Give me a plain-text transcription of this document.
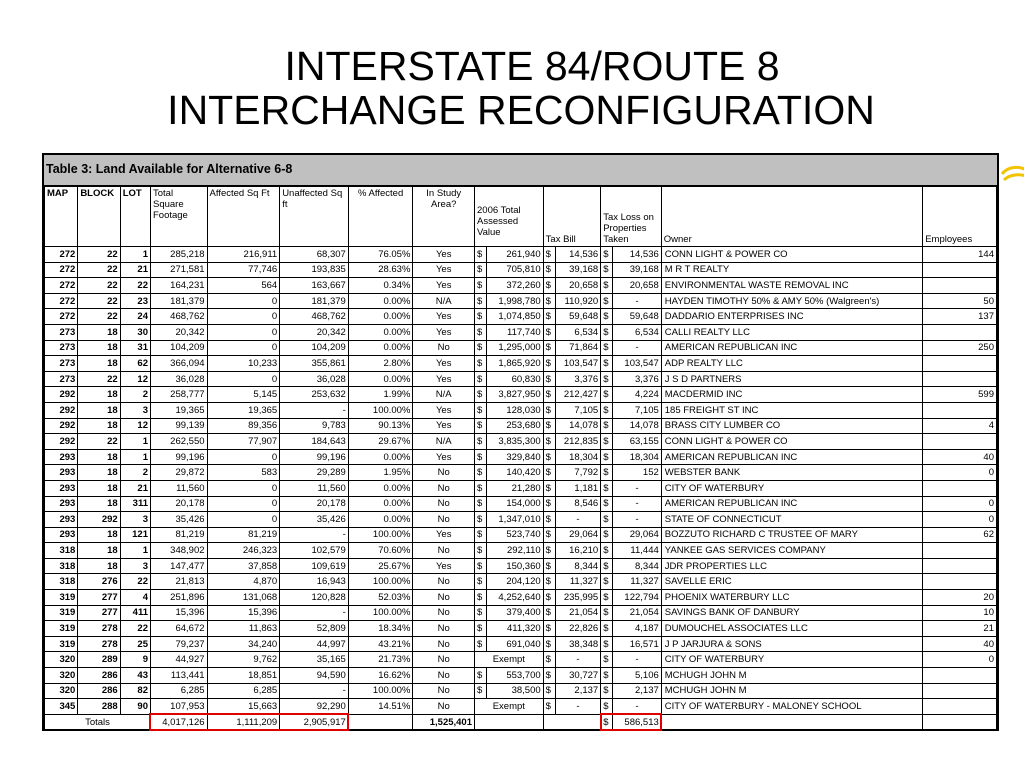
INTERSTATE 84/ROUTE 8
INTERCHANGE RECONFIGURATION
Table 3: Land Available for Alternative 6-8
MAP	BLOCK	LOT	Total Square Footage	Affected Sq Ft	Unaffected Sq ft	% Affected	In Study Area?	2006 Total Assessed Value		Tax Bill		Tax Loss on Properties Taken		Owner	Employees
272	22	1	285,218	216,911	68,307	76.05%	Yes	$	261,940	$	14,536	$	14,536	CONN LIGHT & POWER CO	144
272	22	21	271,581	77,746	193,835	28.63%	Yes	$	705,810	$	39,168	$	39,168	M R T REALTY	
272	22	22	164,231	564	163,667	0.34%	Yes	$	372,260	$	20,658	$	20,658	ENVIRONMENTAL WASTE REMOVAL INC	
272	22	23	181,379	0	181,379	0.00%	N/A	$	1,998,780	$	110,920	$	-	HAYDEN TIMOTHY 50% & AMY 50% (Walgreen's)	50
272	22	24	468,762	0	468,762	0.00%	Yes	$	1,074,850	$	59,648	$	59,648	DADDARIO ENTERPRISES INC	137
273	18	30	20,342	0	20,342	0.00%	Yes	$	117,740	$	6,534	$	6,534	CALLI REALTY LLC	
273	18	31	104,209	0	104,209	0.00%	No	$	1,295,000	$	71,864	$	-	AMERICAN REPUBLICAN INC	250
273	18	62	366,094	10,233	355,861	2.80%	Yes	$	1,865,920	$	103,547	$	103,547	ADP REALTY LLC	
273	22	12	36,028	0	36,028	0.00%	Yes	$	60,830	$	3,376	$	3,376	J S D PARTNERS	
292	18	2	258,777	5,145	253,632	1.99%	N/A	$	3,827,950	$	212,427	$	4,224	MACDERMID INC	599
292	18	3	19,365	19,365	-	100.00%	Yes	$	128,030	$	7,105	$	7,105	185 FREIGHT ST INC	
292	18	12	99,139	89,356	9,783	90.13%	Yes	$	253,680	$	14,078	$	14,078	BRASS CITY LUMBER CO	4
292	22	1	262,550	77,907	184,643	29.67%	N/A	$	3,835,300	$	212,835	$	63,155	CONN LIGHT & POWER CO	
293	18	1	99,196	0	99,196	0.00%	Yes	$	329,840	$	18,304	$	18,304	AMERICAN REPUBLICAN INC	40
293	18	2	29,872	583	29,289	1.95%	No	$	140,420	$	7,792	$	152	WEBSTER BANK	0
293	18	21	11,560	0	11,560	0.00%	No	$	21,280	$	1,181	$	-	CITY OF WATERBURY	
293	18	311	20,178	0	20,178	0.00%	No	$	154,000	$	8,546	$	-	AMERICAN REPUBLICAN INC	0
293	292	3	35,426	0	35,426	0.00%	No	$	1,347,010	$	-	$	-	STATE OF CONNECTICUT	0
293	18	121	81,219	81,219	-	100.00%	Yes	$	523,740	$	29,064	$	29,064	BOZZUTO RICHARD C TRUSTEE OF MARY	62
318	18	1	348,902	246,323	102,579	70.60%	No	$	292,110	$	16,210	$	11,444	YANKEE GAS SERVICES COMPANY	
318	18	3	147,477	37,858	109,619	25.67%	Yes	$	150,360	$	8,344	$	8,344	JDR PROPERTIES LLC	
318	276	22	21,813	4,870	16,943	100.00%	No	$	204,120	$	11,327	$	11,327	SAVELLE ERIC	
319	277	4	251,896	131,068	120,828	52.03%	No	$	4,252,640	$	235,995	$	122,794	PHOENIX WATERBURY LLC	20
319	277	411	15,396	15,396	-	100.00%	No	$	379,400	$	21,054	$	21,054	SAVINGS BANK OF DANBURY	10
319	278	22	64,672	11,863	52,809	18.34%	No	$	411,320	$	22,826	$	4,187	DUMOUCHEL ASSOCIATES LLC	21
319	278	25	79,237	34,240	44,997	43.21%	No	$	691,040	$	38,348	$	16,571	J P JARJURA & SONS	40
320	289	9	44,927	9,762	35,165	21.73%	No	Exempt		$	-	$	-	CITY OF WATERBURY	0
320	286	43	113,441	18,851	94,590	16.62%	No	$	553,700	$	30,727	$	5,106	MCHUGH JOHN M	
320	286	82	6,285	6,285	-	100.00%	No	$	38,500	$	2,137	$	2,137	MCHUGH JOHN M	
345	288	90	107,953	15,663	92,290	14.51%	No	Exempt		$	-	$	-	CITY OF WATERBURY - MALONEY SCHOOL	
Totals			4,017,126	1,111,209	2,905,917		1,525,401					$	586,513		
